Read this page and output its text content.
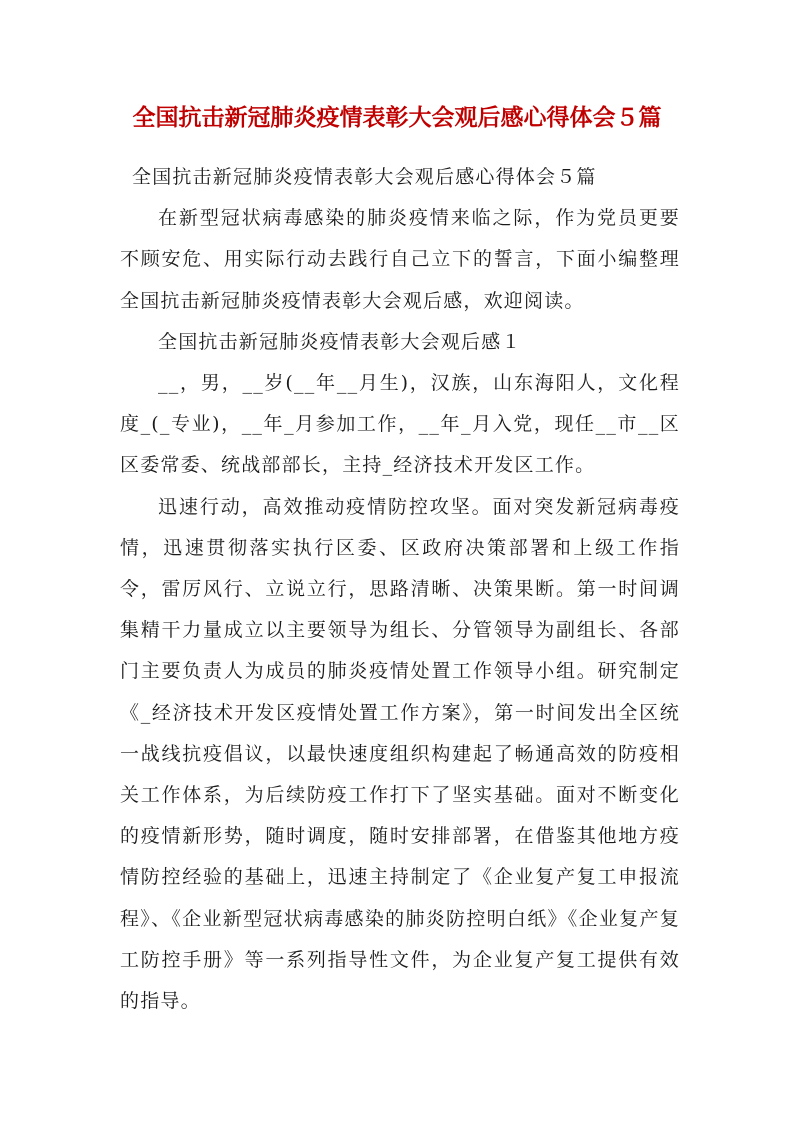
全国抗击新冠肺炎疫情表彰大会观后感心得体会５篇

全国抗击新冠肺炎疫情表彰大会观后感心得体会５篇

在新型冠状病毒感染的肺炎疫情来临之际，作为党员更要不顾安危、用实际行动去践行自己立下的誓言，下面小编整理全国抗击新冠肺炎疫情表彰大会观后感，欢迎阅读。

全国抗击新冠肺炎疫情表彰大会观后感１

__，男，__岁(__年__月生)，汉族，山东海阳人，文化程度_(_专业)，__年_月参加工作，__年_月入党，现任__市__区区委常委、统战部部长，主持_经济技术开发区工作。

迅速行动，高效推动疫情防控攻坚。面对突发新冠病毒疫情，迅速贯彻落实执行区委、区政府决策部署和上级工作指令，雷厉风行、立说立行，思路清晰、决策果断。第一时间调集精干力量成立以主要领导为组长、分管领导为副组长、各部门主要负责人为成员的肺炎疫情处置工作领导小组。研究制定《_经济技术开发区疫情处置工作方案》，第一时间发出全区统一战线抗疫倡议，以最快速度组织构建起了畅通高效的防疫相关工作体系，为后续防疫工作打下了坚实基础。面对不断变化的疫情新形势，随时调度，随时安排部署，在借鉴其他地方疫情防控经验的基础上，迅速主持制定了《企业复产复工申报流程》、《企业新型冠状病毒感染的肺炎防控明白纸》《企业复产复工防控手册》等一系列指导性文件，为企业复产复工提供有效的指导。
